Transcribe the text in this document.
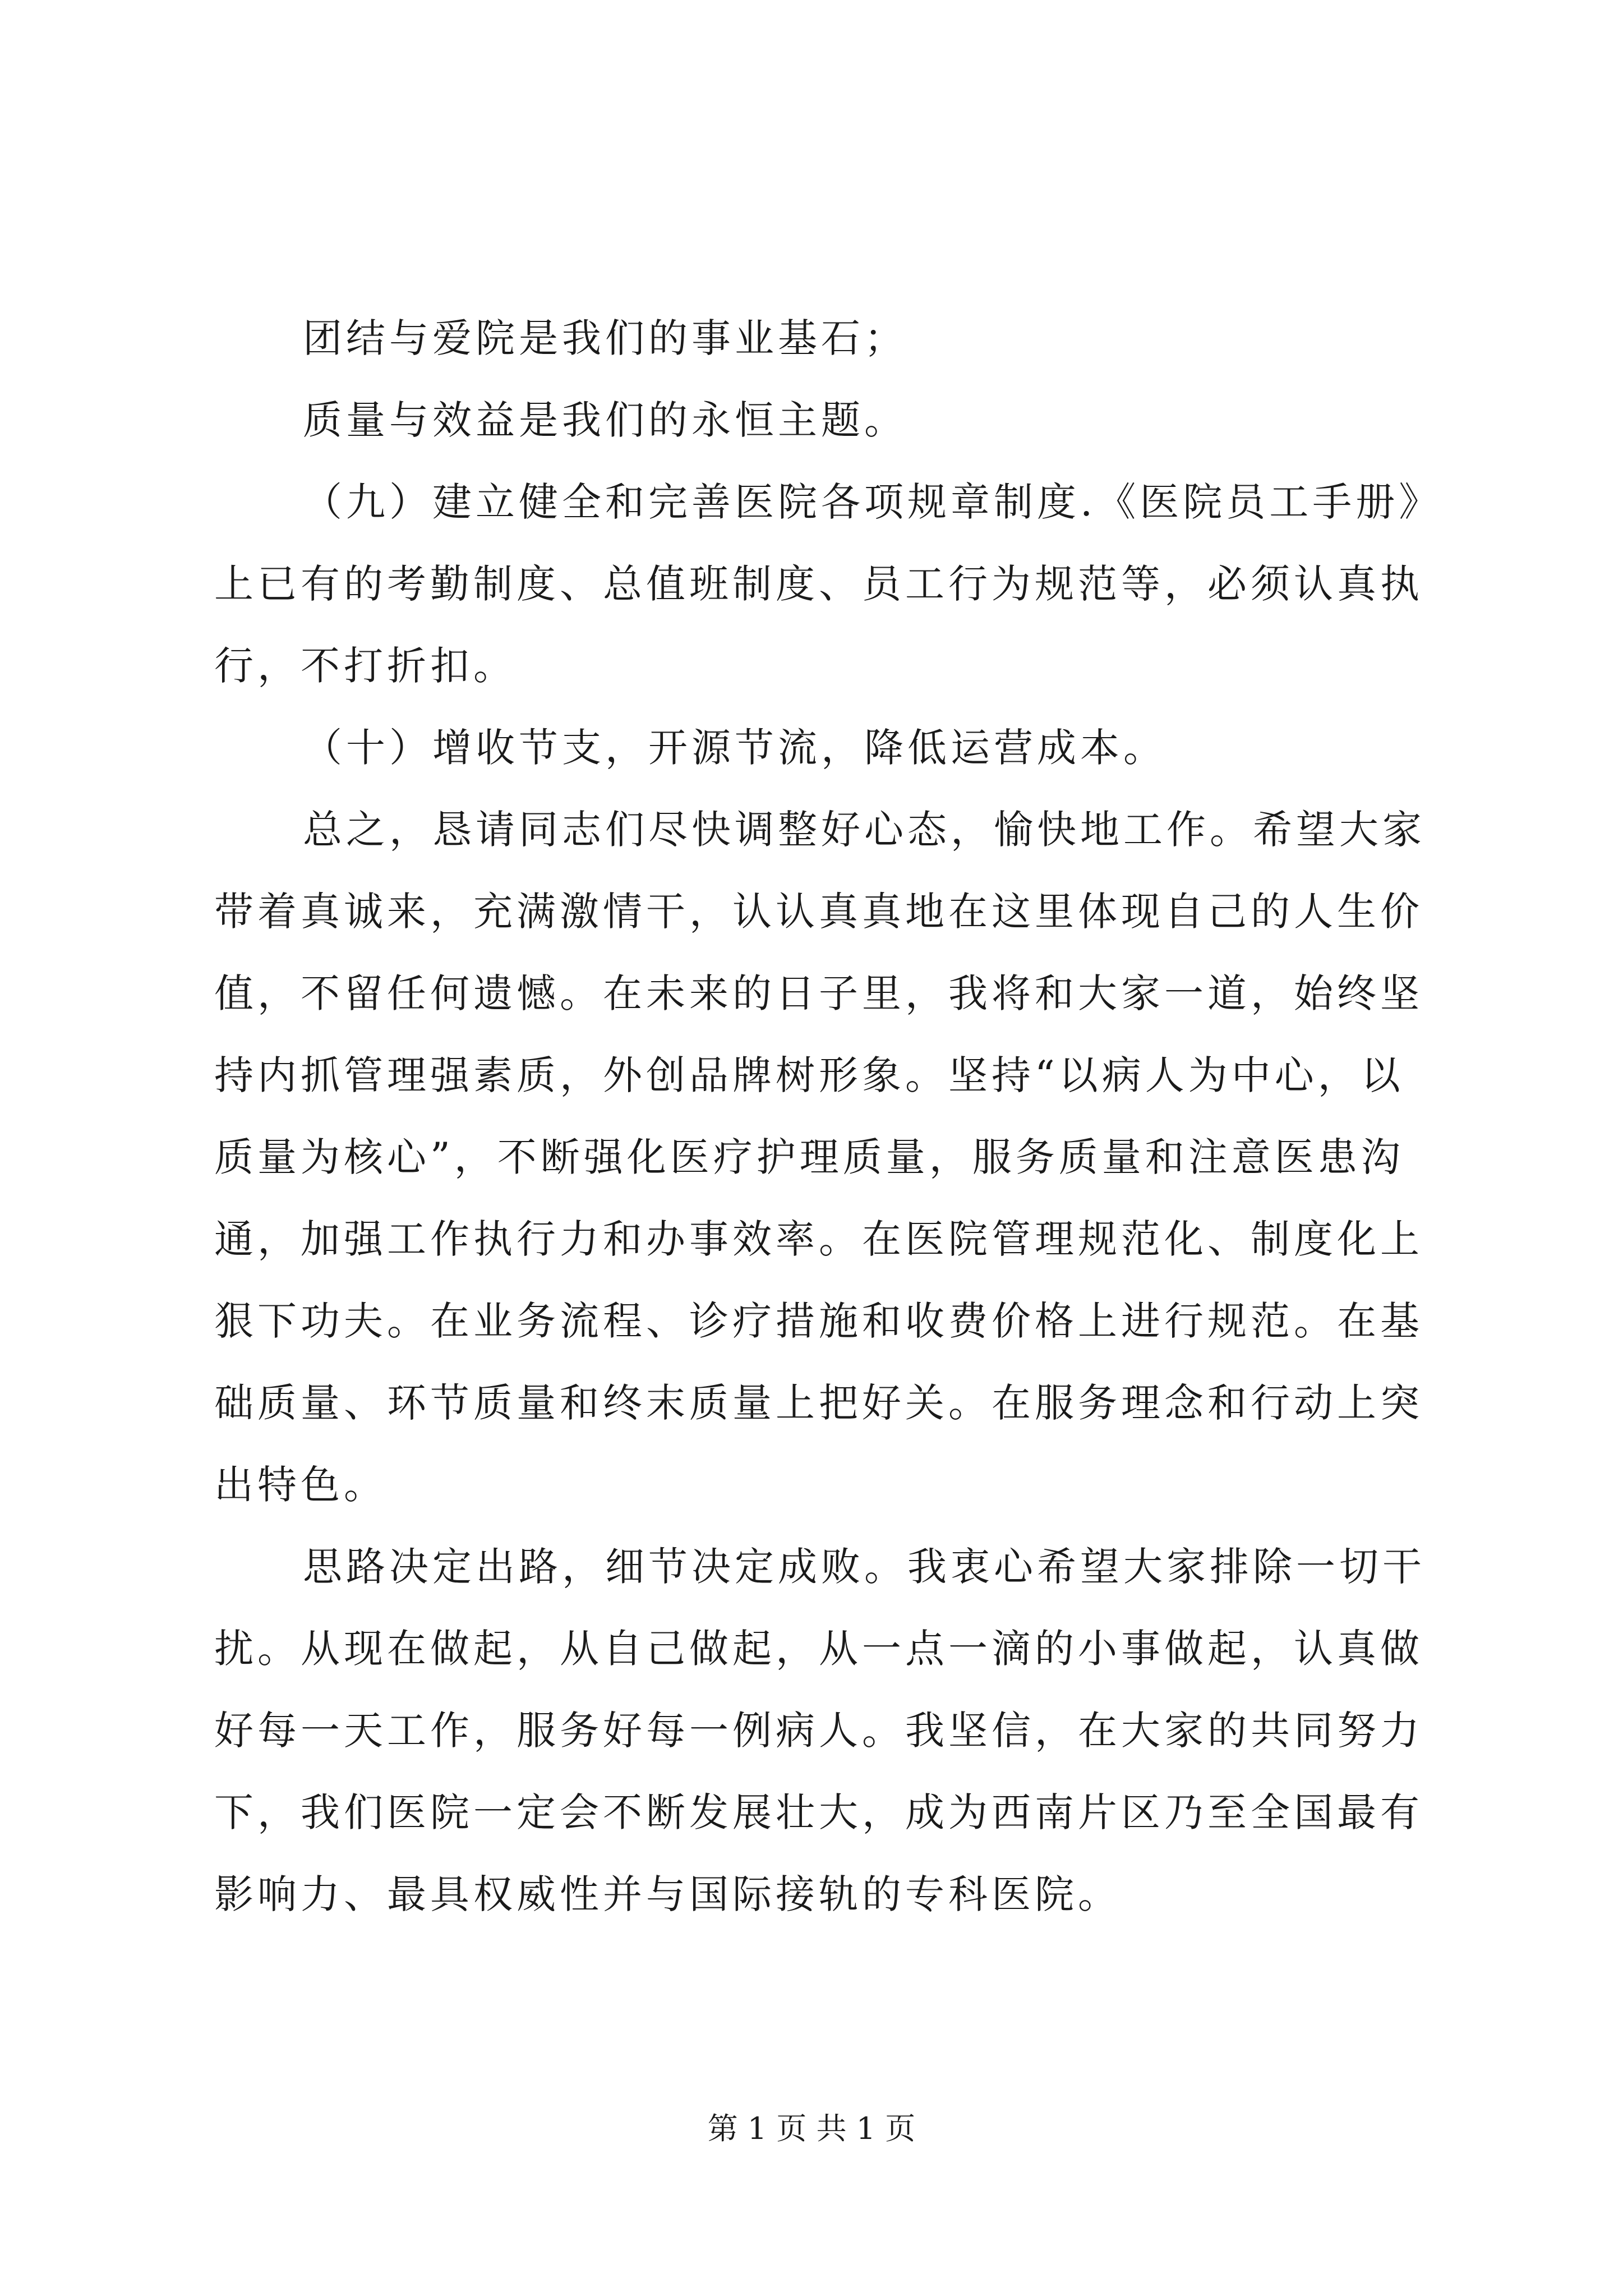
团结与爱院是我们的事业基石；
质量与效益是我们的永恒主题。
（九）建立健全和完善医院各项规章制度.《医院员工手册》
上已有的考勤制度、总值班制度、员工行为规范等，必须认真执
行，不打折扣。
（十）增收节支，开源节流，降低运营成本。
总之，恳请同志们尽快调整好心态，愉快地工作。希望大家
带着真诚来，充满激情干，认认真真地在这里体现自己的人生价
值，不留任何遗憾。在未来的日子里，我将和大家一道，始终坚
持内抓管理强素质，外创品牌树形象。坚持“以病人为中心，以
质量为核心”，不断强化医疗护理质量，服务质量和注意医患沟
通，加强工作执行力和办事效率。在医院管理规范化、制度化上
狠下功夫。在业务流程、诊疗措施和收费价格上进行规范。在基
础质量、环节质量和终末质量上把好关。在服务理念和行动上突
出特色。
思路决定出路，细节决定成败。我衷心希望大家排除一切干
扰。从现在做起，从自己做起，从一点一滴的小事做起，认真做
好每一天工作，服务好每一例病人。我坚信，在大家的共同努力
下，我们医院一定会不断发展壮大，成为西南片区乃至全国最有
影响力、最具权威性并与国际接轨的专科医院。
第 1 页 共 1 页
